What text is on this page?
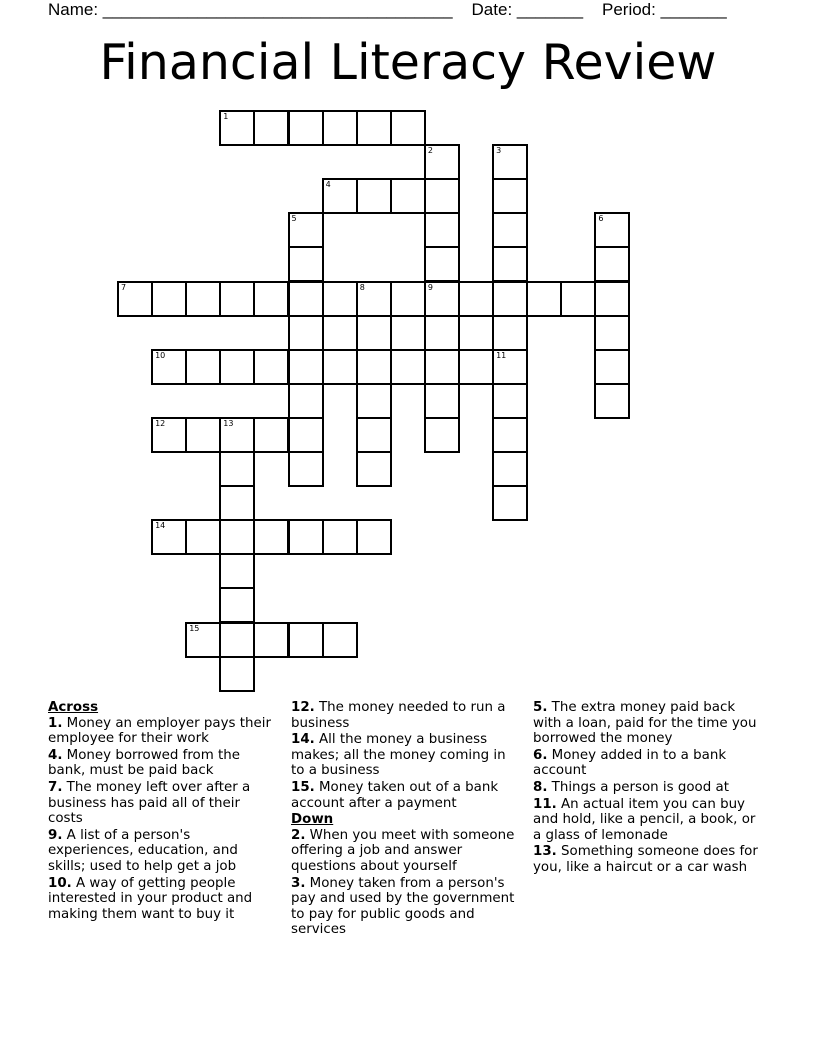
Name: _____________________________________ Date: _______ Period: _______
Financial Literacy Review
1
2
9
3
11
4
5	6
7	8
10
12	13
14
15
Across
1. Money an employer pays their employee for their work
4. Money borrowed from the bank, must be paid back
7. The money left over after a business has paid all of their costs
9. A list of a person's experiences, education, and skills; used to help get a job
10. A way of getting people interested in your product and making them want to buy it
12. The money needed to run a business
14. All the money a business makes; all the money coming in to a business
15. Money taken out of a bank account after a payment
Down
2. When you meet with someone offering a job and answer questions about yourself
3. Money taken from a person's pay and used by the government to pay for public goods and services
5. The extra money paid back with a loan, paid for the time you borrowed the money
6. Money added in to a bank account
8. Things a person is good at
11. An actual item you can buy and hold, like a pencil, a book, or a glass of lemonade
13. Something someone does for you, like a haircut or a car wash
